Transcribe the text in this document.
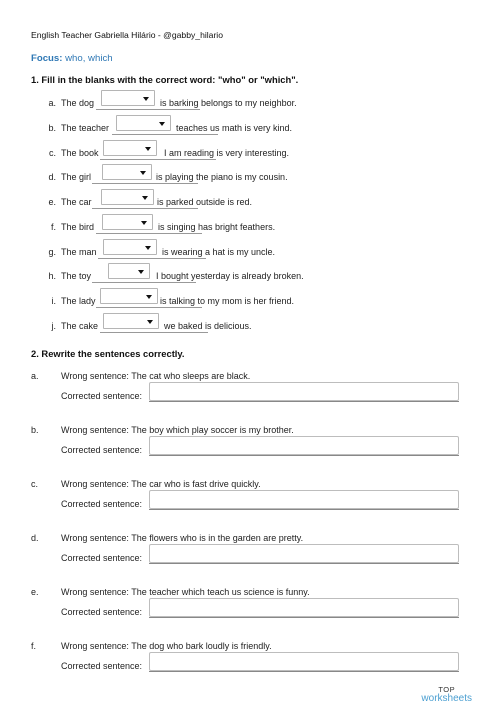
English Teacher Gabriella Hilário - @gabby_hilario
Focus: who, which
1. Fill in the blanks with the correct word: "who" or "which".
a. The dog	is barking belongs to my neighbor.
b. The teacher	teaches us math is very kind.
c. The book	I am reading is very interesting.
d. The girl	is playing the piano is my cousin.
e. The car	is parked outside is red.
f. The bird	is singing has bright feathers.
g. The man	is wearing a hat is my uncle.
h. The toy	I bought yesterday is already broken.
i. The lady	is talking to my mom is her friend.
j. The cake	we baked is delicious.
2. Rewrite the sentences correctly.
a. Wrong sentence: The cat who sleeps are black.
Corrected sentence:
b. Wrong sentence: The boy which play soccer is my brother.
Corrected sentence:
c.	Wrong sentence: The car who is fast drive quickly.
Corrected sentence:
d. Wrong sentence: The flowers who is in the garden are pretty.
Corrected sentence:
e. Wrong sentence: The teacher which teach us science is funny.
Corrected sentence:
f.	Wrong sentence: The dog who bark loudly is friendly.
Corrected sentence:
TOP
worksheets
